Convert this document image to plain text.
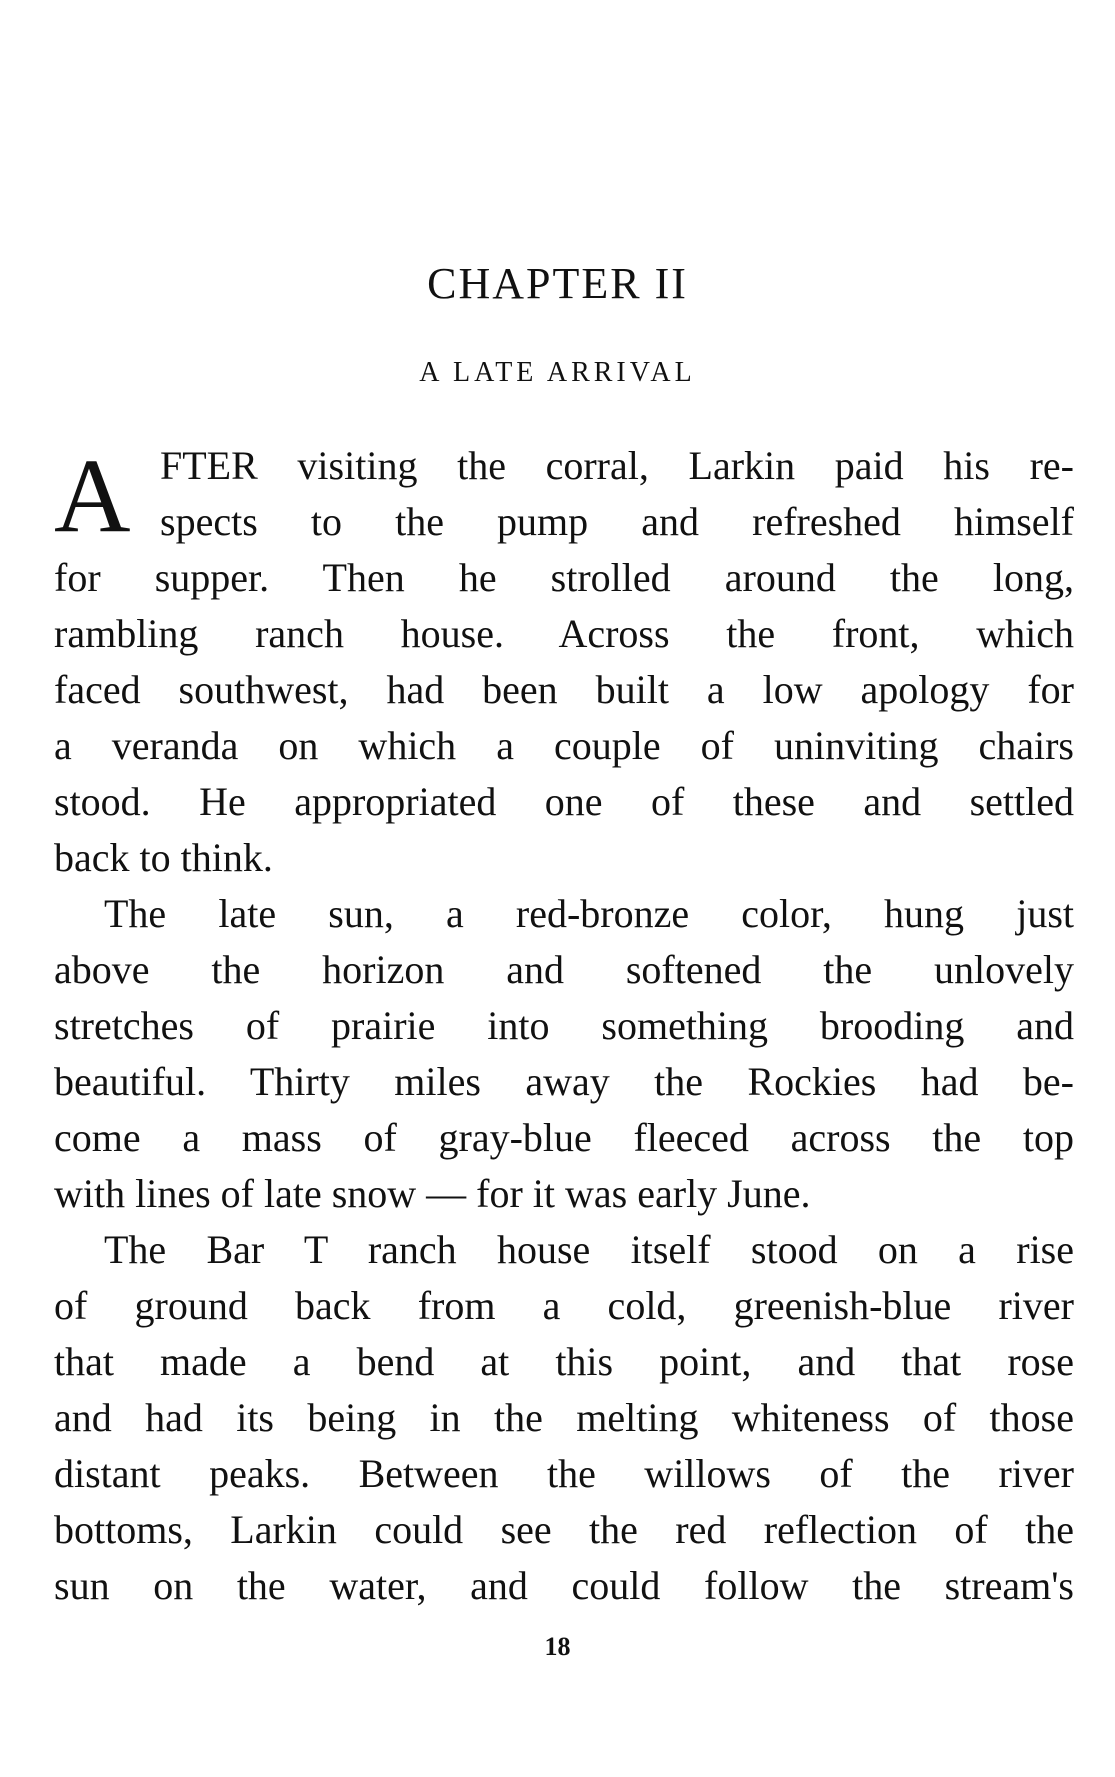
CHAPTER II
A LATE ARRIVAL
A FTER visiting the corral, Larkin paid his re-
spects to the pump and refreshed himself
for supper. Then he strolled around the long,
rambling ranch house. Across the front, which
faced southwest, had been built a low apology for
a veranda on which a couple of uninviting chairs
stood. He appropriated one of these and settled
back to think.
The late sun, a red-bronze color, hung just
above the horizon and softened the unlovely
stretches of prairie into something brooding and
beautiful. Thirty miles away the Rockies had be-
come a mass of gray-blue fleeced across the top
with lines of late snow — for it was early June.
The Bar T ranch house itself stood on a rise
of ground back from a cold, greenish-blue river
that made a bend at this point, and that rose
and had its being in the melting whiteness of those
distant peaks. Between the willows of the river
bottoms, Larkin could see the red reflection of the
sun on the water, and could follow the stream's
18
